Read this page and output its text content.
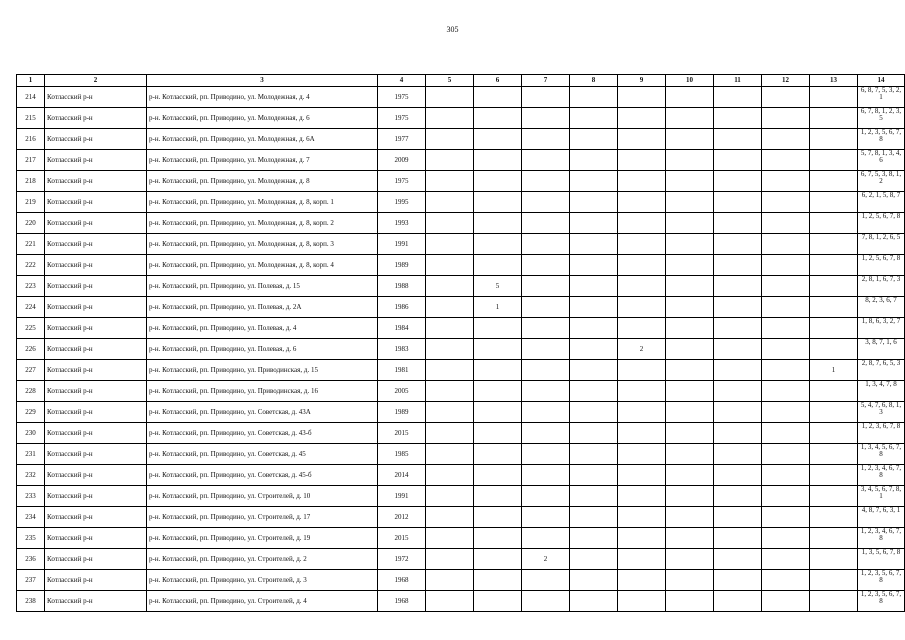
305
1	2	3	4	5	6	7	8	9	10	11	12	13	14
214	Котласский р-н	р-н. Котласский, рп. Приводино, ул. Молодежная, д. 4	1975										6, 8, 7, 5, 3, 2, 1
215	Котласский р-н	р-н. Котласский, рп. Приводино, ул. Молодежная, д. 6	1975										6, 7, 8, 1, 2, 3, 5
216	Котласский р-н	р-н. Котласский, рп. Приводино, ул. Молодежная, д. 6А	1977										1, 2, 3, 5, 6, 7, 8
217	Котласский р-н	р-н. Котласский, рп. Приводино, ул. Молодежная, д. 7	2009										5, 7, 8, 1, 3, 4, 6
218	Котласский р-н	р-н. Котласский, рп. Приводино, ул. Молодежная, д. 8	1975										6, 7, 5, 3, 8, 1, 2
219	Котласский р-н	р-н. Котласский, рп. Приводино, ул. Молодежная, д. 8, корп. 1	1995										6, 2, 1, 5, 8, 7
220	Котласский р-н	р-н. Котласский, рп. Приводино, ул. Молодежная, д. 8, корп. 2	1993										1, 2, 5, 6, 7, 8
221	Котласский р-н	р-н. Котласский, рп. Приводино, ул. Молодежная, д. 8, корп. 3	1991										7, 8, 1, 2, 6, 5
222	Котласский р-н	р-н. Котласский, рп. Приводино, ул. Молодежная, д. 8, корп. 4	1989										1, 2, 5, 6, 7, 8
223	Котласский р-н	р-н. Котласский, рп. Приводино, ул. Полевая, д. 15	1988		5								2, 8, 1, 6, 7, 3
224	Котласский р-н	р-н. Котласский, рп. Приводино, ул. Полевая, д. 2А	1986		1								8, 2, 3, 6, 7
225	Котласский р-н	р-н. Котласский, рп. Приводино, ул. Полевая, д. 4	1984										1, 8, 6, 3, 2, 7
226	Котласский р-н	р-н. Котласский, рп. Приводино, ул. Полевая, д. 6	1983					2					3, 8, 7, 1, 6
227	Котласский р-н	р-н. Котласский, рп. Приводино, ул. Приводинская, д. 15	1981									1	2, 8, 7, 6, 5, 3
228	Котласский р-н	р-н. Котласский, рп. Приводино, ул. Приводинская, д. 16	2005										1, 3, 4, 7, 8
229	Котласский р-н	р-н. Котласский, рп. Приводино, ул. Советская, д. 43А	1989										5, 4, 7, 6, 8, 1, 3
230	Котласский р-н	р-н. Котласский, рп. Приводино, ул. Советская, д. 43-б	2015										1, 2, 3, 6, 7, 8
231	Котласский р-н	р-н. Котласский, рп. Приводино, ул. Советская, д. 45	1985										1, 3, 4, 5, 6, 7, 8
232	Котласский р-н	р-н. Котласский, рп. Приводино, ул. Советская, д. 45-б	2014										1, 2, 3, 4, 6, 7, 8
233	Котласский р-н	р-н. Котласский, рп. Приводино, ул. Строителей, д. 10	1991										3, 4, 5, 6, 7, 8, 1
234	Котласский р-н	р-н. Котласский, рп. Приводино, ул. Строителей, д. 17	2012										4, 8, 7, 6, 3, 1
235	Котласский р-н	р-н. Котласский, рп. Приводино, ул. Строителей, д. 19	2015										1, 2, 3, 4, 6, 7, 8
236	Котласский р-н	р-н. Котласский, рп. Приводино, ул. Строителей, д. 2	1972			2							1, 3, 5, 6, 7, 8
237	Котласский р-н	р-н. Котласский, рп. Приводино, ул. Строителей, д. 3	1968										1, 2, 3, 5, 6, 7, 8
238	Котласский р-н	р-н. Котласский, рп. Приводино, ул. Строителей, д. 4	1968										1, 2, 3, 5, 6, 7, 8
